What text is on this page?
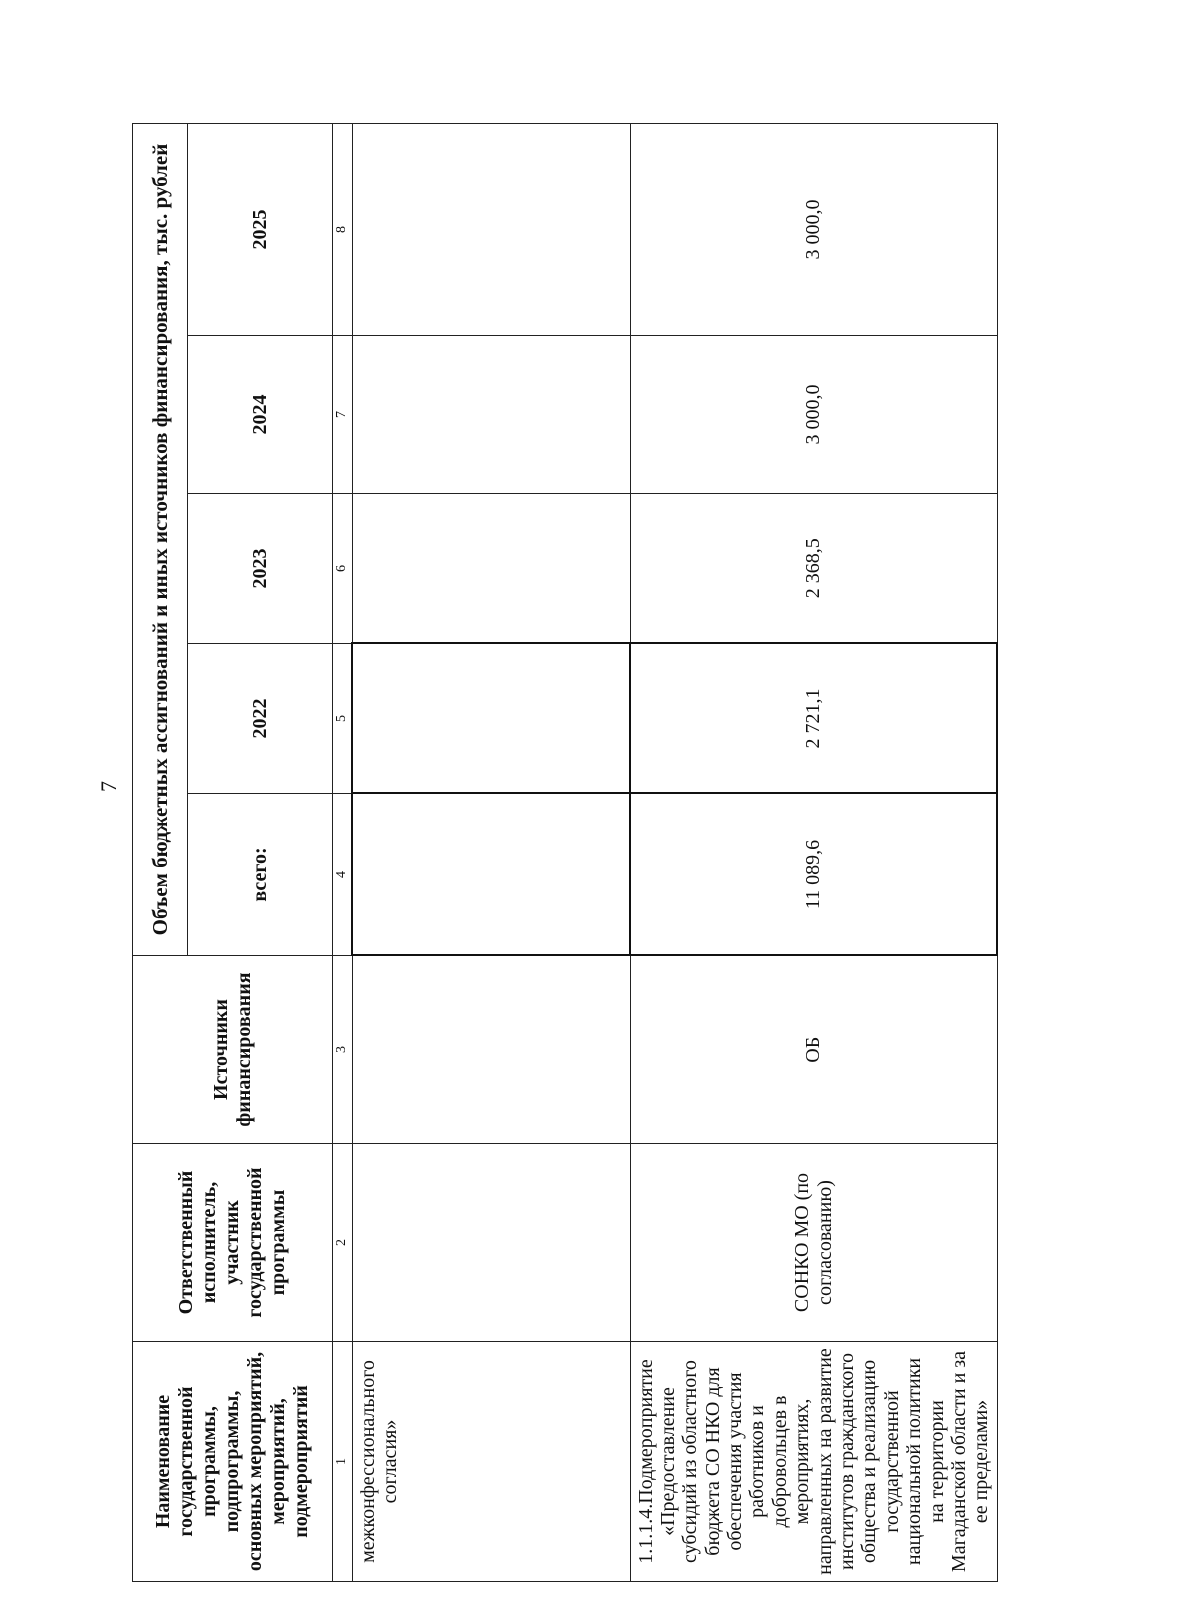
7
Наименование государственной программы, подпрограммы, основных мероприятий, мероприятий, подмероприятий	Ответственный исполнитель, участник государственной программы	Источники финансирования	Объем бюджетных ассигнований и иных источников финансирования, тыс. рублей				
			всего:	2022	2023	2024	2025
1	2	3	4	5	6	7	8
межконфессионального согласия»							
1.1.1.4.Подмероприятие «Предоставление субсидий из областного бюджета СО НКО для обеспечения участия работников и добровольцев в мероприятиях, направленных на развитие институтов гражданского общества и реализацию государственной национальной политики на территории Магаданской области и за ее пределами»	СОНКО МО (по согласованию)	ОБ	11 089,6	2 721,1	2 368,5	3 000,0	3 000,0
